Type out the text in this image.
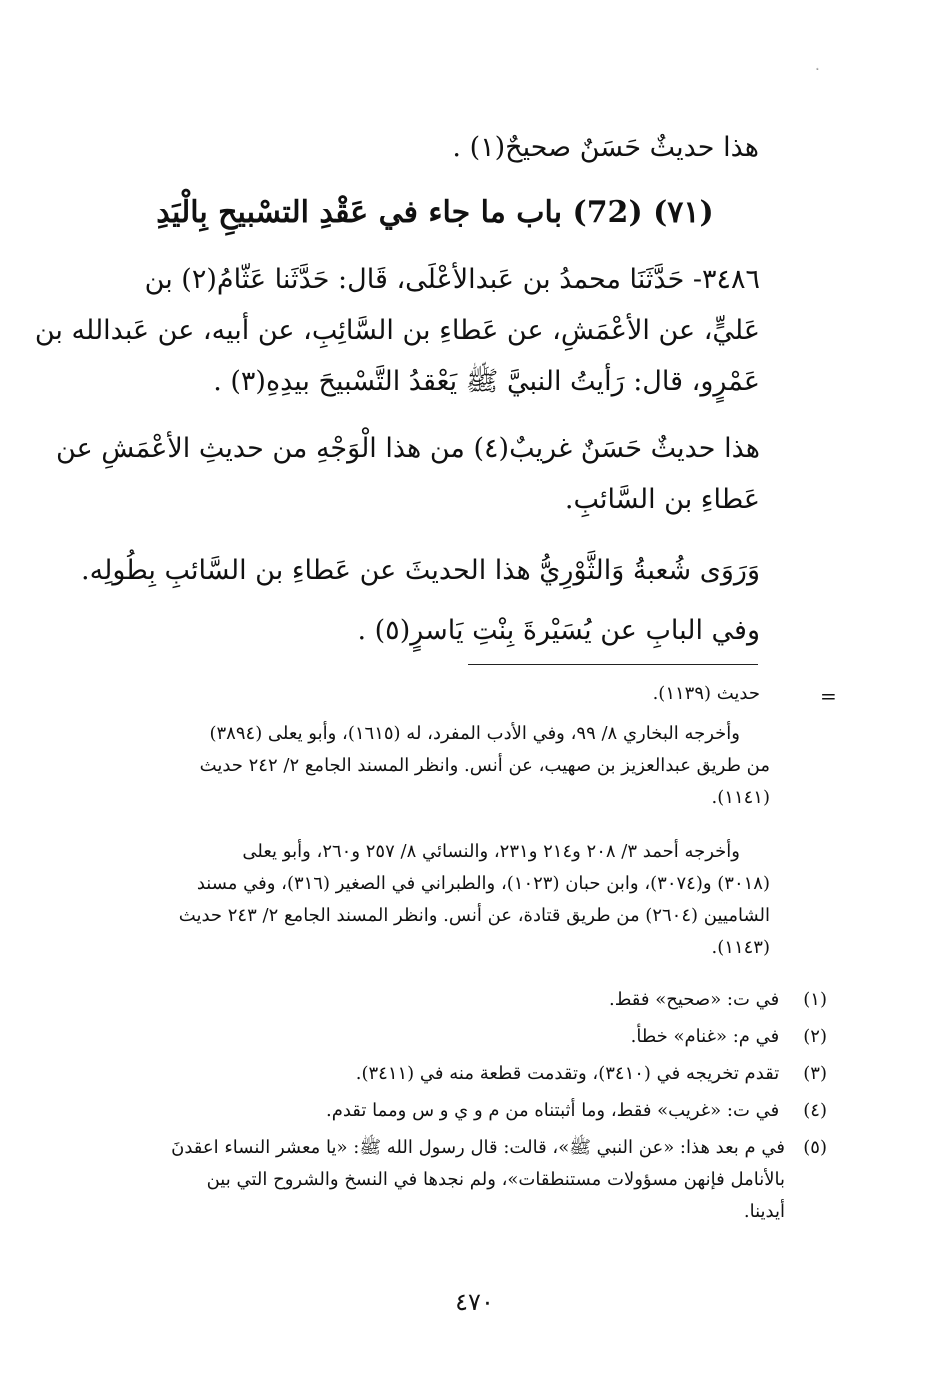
هذا حديثٌ حَسَنٌ صحيحٌ(١) .
(٧١) (72) باب ما جاء في عَقْدِ التسْبيحِ بِالْيَدِ
٣٤٨٦- حَدَّثَنَا محمدُ بن عَبدالأعْلَى، قَال: حَدَّثَنا عَثّامُ(٢) بن
عَليٍّ، عن الأعْمَشِ، عن عَطاءِ بن السَّائِبِ، عن أبيه، عن عَبدالله بن
عَمْرٍو، قال: رَأيتُ النبيَّ ﷺ يَعْقدُ التَّسْبيحَ بيدِهِ(٣) .
هذا حديثٌ حَسَنٌ غريبٌ(٤) من هذا الْوَجْهِ من حديثِ الأعْمَشِ عن
عَطاءِ بن السَّائبِ.
وَرَوَى شُعبةُ وَالثَّوْرِيُّ هذا الحديثَ عن عَطاءِ بن السَّائبِ بِطُولِه.
وفي البابِ عن يُسَيْرةَ بِنْتِ يَاسرٍ(٥) .
=
حديث (١١٣٩).
وأخرجه البخاري ٨/ ٩٩، وفي الأدب المفرد، له (١٦١٥)، وأبو يعلى (٣٨٩٤)
من طريق عبدالعزيز بن صهيب، عن أنس. وانظر المسند الجامع ٢/ ٢٤٢ حديث
(١١٤١).
وأخرجه أحمد ٣/ ٢٠٨ و٢١٤ و٢٣١، والنسائي ٨/ ٢٥٧ و٢٦٠، وأبو يعلى
(٣٠١٨) و(٣٠٧٤)، وابن حبان (١٠٢٣)، والطبراني في الصغير (٣١٦)، وفي مسند
الشاميين (٢٦٠٤) من طريق قتادة، عن أنس. وانظر المسند الجامع ٢/ ٢٤٣ حديث
(١١٤٣).
(١) في ت: «صحيح» فقط.
(٢) في م: «غنام» خطأ.
(٣) تقدم تخريجه في (٣٤١٠)، وتقدمت قطعة منه في (٣٤١١).
(٤) في ت: «غريب» فقط، وما أثبتناه من م و ي و س ومما تقدم.
(٥)
في م بعد هذا: «عن النبي ﷺ»، قالت: قال رسول الله ﷺ: «يا معشر النساء اعقدنَ
بالأنامل فإنهن مسؤولات مستنطقات»، ولم نجدها في النسخ والشروح التي بين
أيدينا.
٤٧٠
